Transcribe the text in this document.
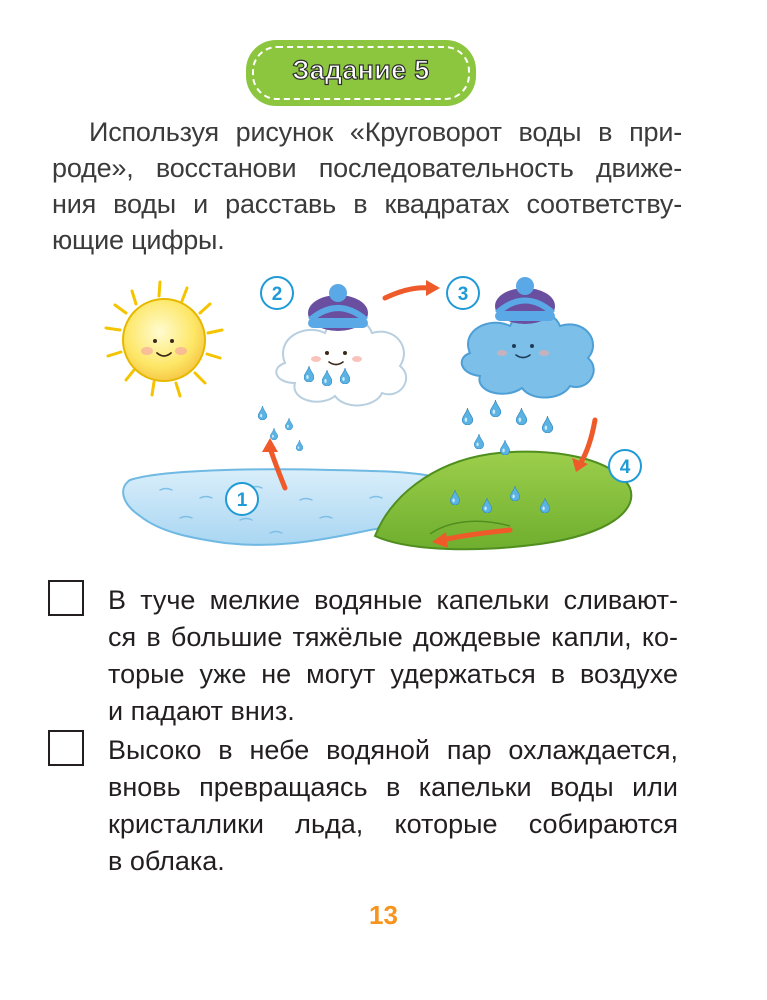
Задание 5
Используя рисунок «Круговорот воды в при-
роде», восстанови последовательность движе-
ния воды и расставь в квадратах соответству-
ющие цифры.
1
2	3
4
В туче мелкие водяные капельки сливают-
ся в большие тяжёлые дождевые капли, ко-
торые уже не могут удержаться в воздухе
и падают вниз.
Высоко в небе водяной пар охлаждается,
вновь превращаясь в капельки воды или
кристаллики льда, которые собираются
в облака.
13
